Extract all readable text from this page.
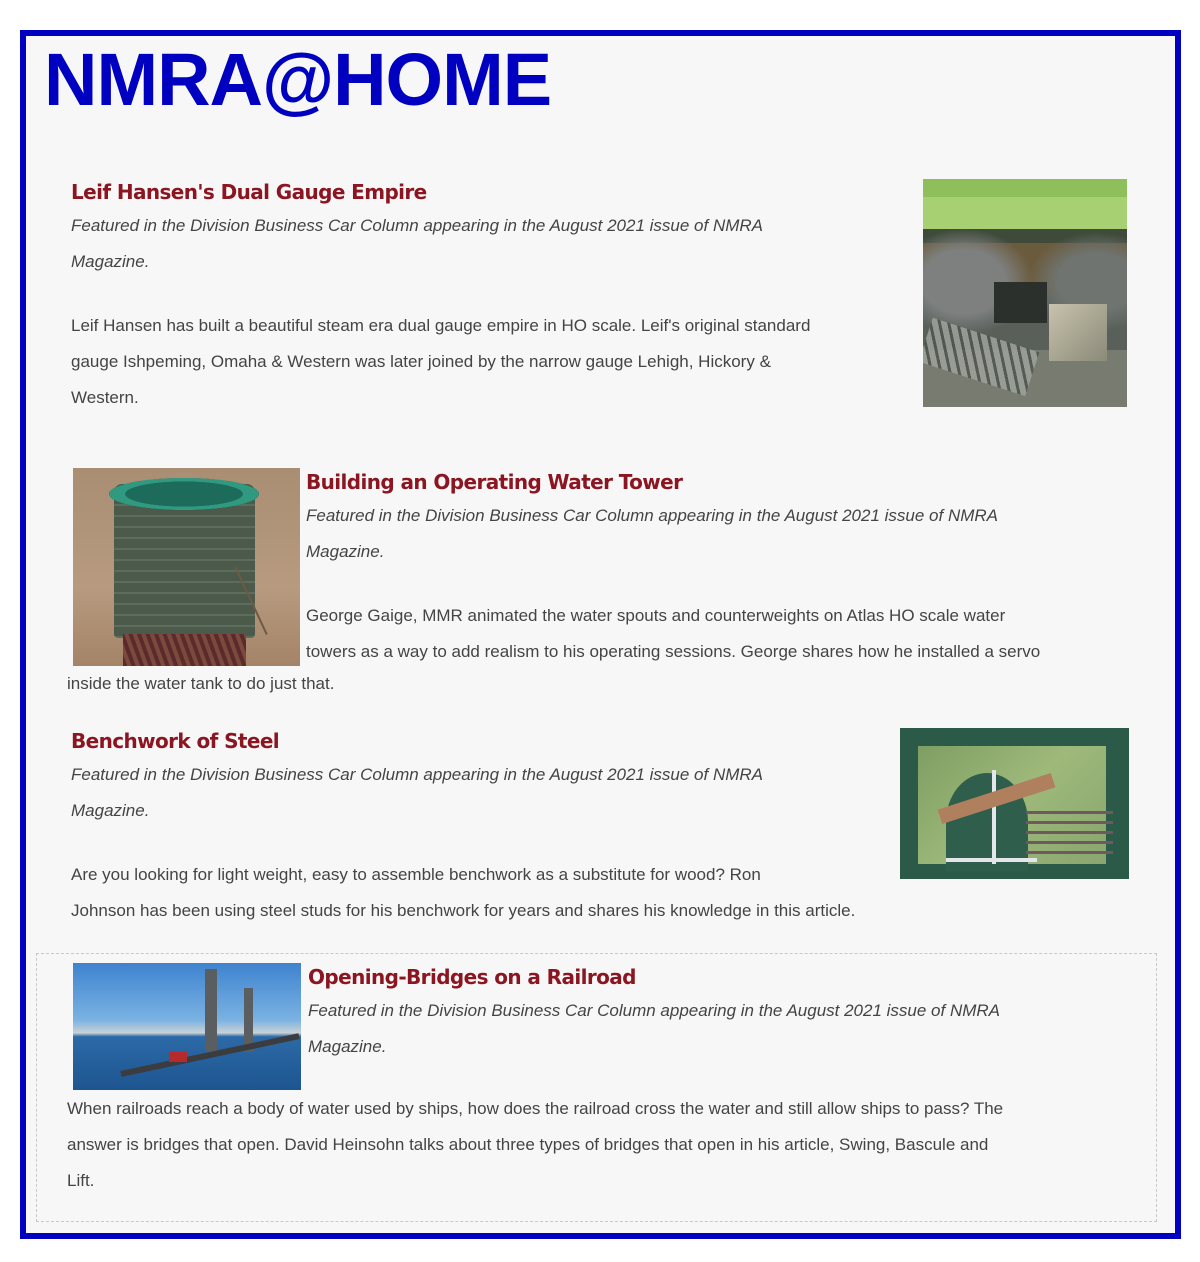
NMRA@HOME
Leif Hansen's Dual Gauge Empire
Featured in the Division Business Car Column appearing in the August 2021 issue of NMRA
Magazine.
Leif Hansen has built a beautiful steam era dual gauge empire in HO scale. Leif's original standard
gauge Ishpeming, Omaha & Western was later joined by the narrow gauge Lehigh, Hickory &
Western.
Building an Operating Water Tower
Featured in the Division Business Car Column appearing in the August 2021 issue of NMRA
Magazine.
George Gaige, MMR animated the water spouts and counterweights on Atlas HO scale water
towers as a way to add realism to his operating sessions. George shares how he installed a servo
inside the water tank to do just that.
Benchwork of Steel
Featured in the Division Business Car Column appearing in the August 2021 issue of NMRA
Magazine.
Are you looking for light weight, easy to assemble benchwork as a substitute for wood? Ron
Johnson has been using steel studs for his benchwork for years and shares his knowledge in this article.
Opening-Bridges on a Railroad
Featured in the Division Business Car Column appearing in the August 2021 issue of NMRA
Magazine.
When railroads reach a body of water used by ships, how does the railroad cross the water and still allow ships to pass? The
answer is bridges that open. David Heinsohn talks about three types of bridges that open in his article, Swing, Bascule and
Lift.
